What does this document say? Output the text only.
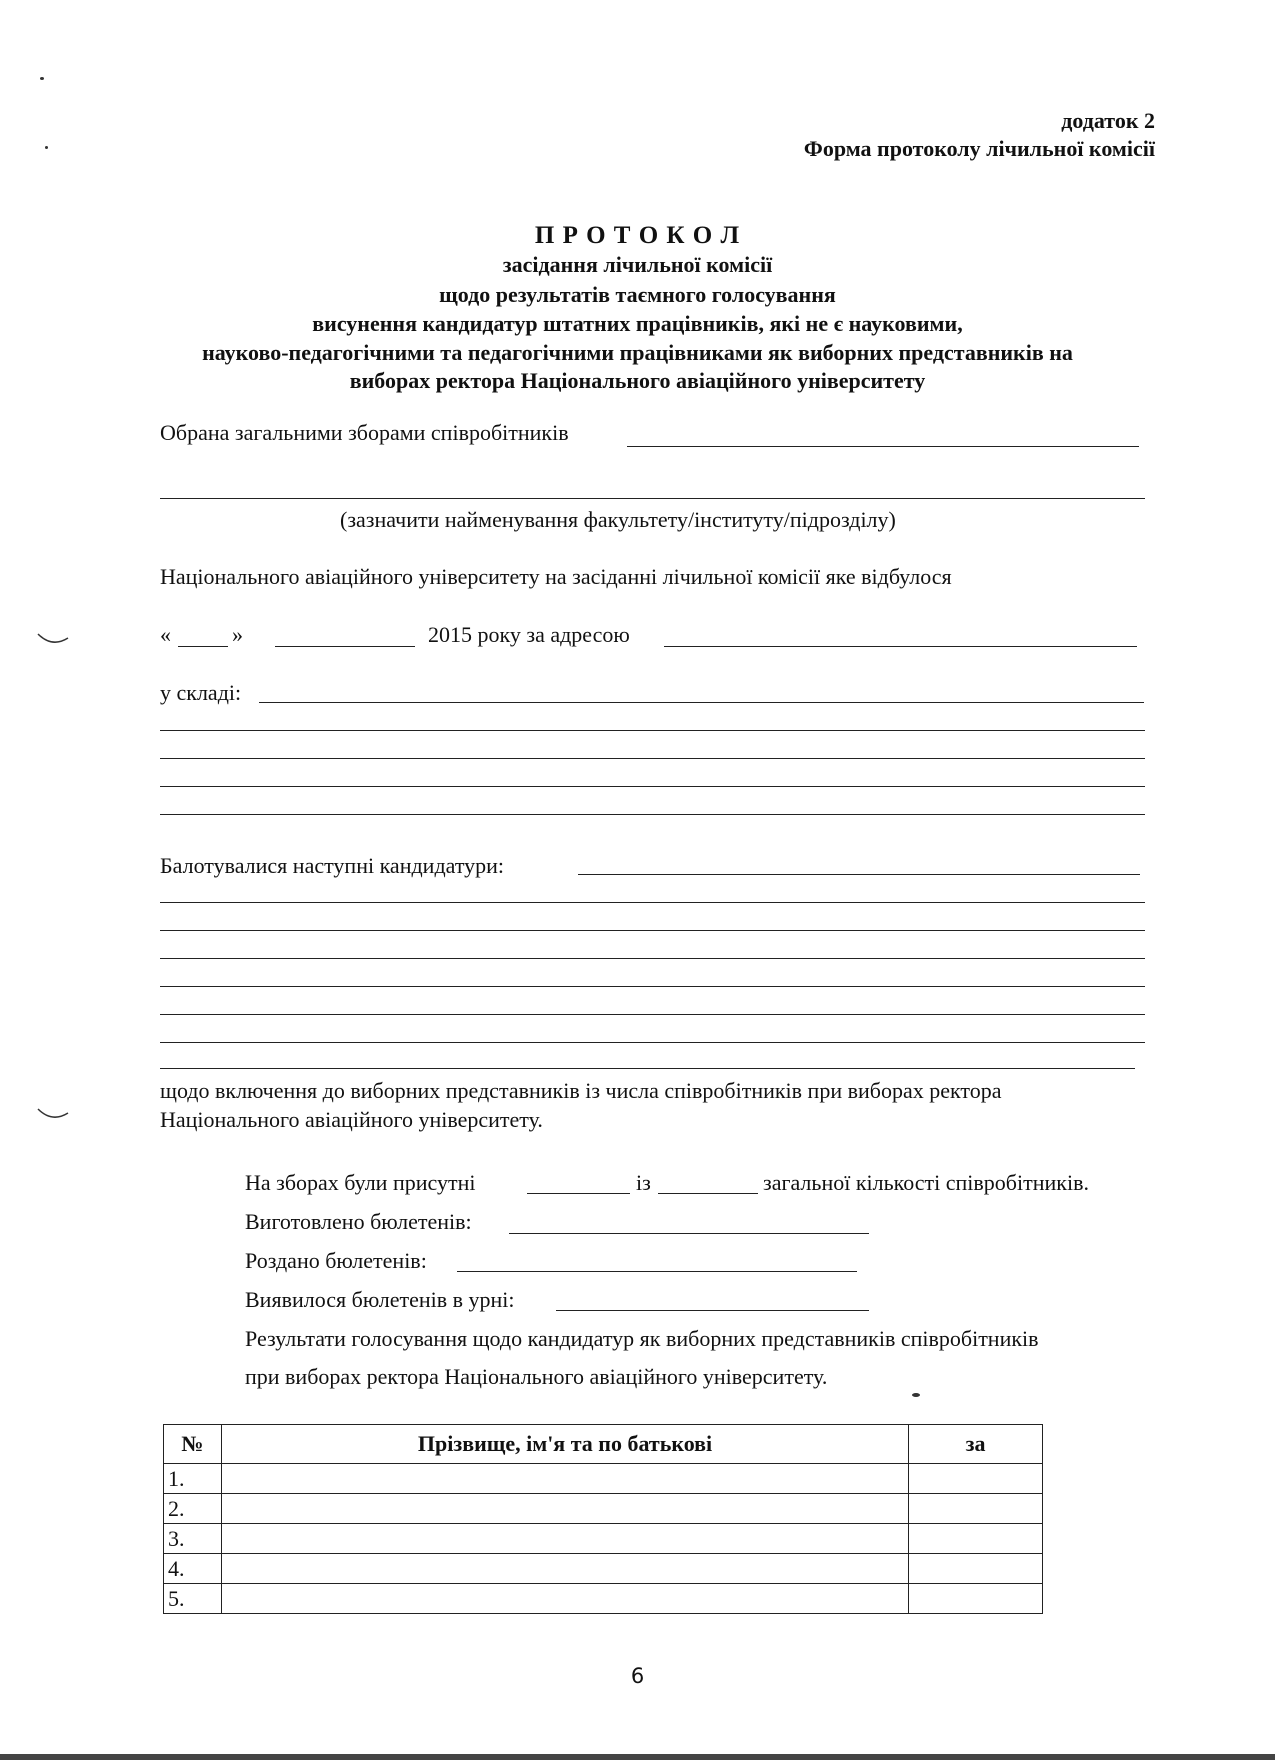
додаток 2
Форма протоколу лічильної комісії
П Р О Т О К О Л
засідання лічильної комісії
щодо результатів таємного голосування
висунення кандидатур штатних працівників, які не є науковими,
науково-педагогічними та педагогічними працівниками як виборних представників на
виборах ректора Національного авіаційного університету
Обрана загальними зборами співробітників
(зазначити найменування факультету/інституту/підрозділу)
Національного авіаційного університету на засіданні лічильної комісії яке відбулося
«	»	2015 року за адресою
у складі:
Балотувалися наступні кандидатури:
щодо включення до виборних представників із числа співробітників при виборах ректора
Національного авіаційного університету.
На зборах були присутні	із	загальної кількості співробітників.
Виготовлено бюлетенів:
Роздано бюлетенів:
Виявилося бюлетенів в урні:
Результати голосування щодо кандидатур як виборних представників співробітників
при виборах ректора Національного авіаційного університету.
№	Прізвище, ім'я та по батькові	за
1.		
2.		
3.		
4.		
5.		
6
